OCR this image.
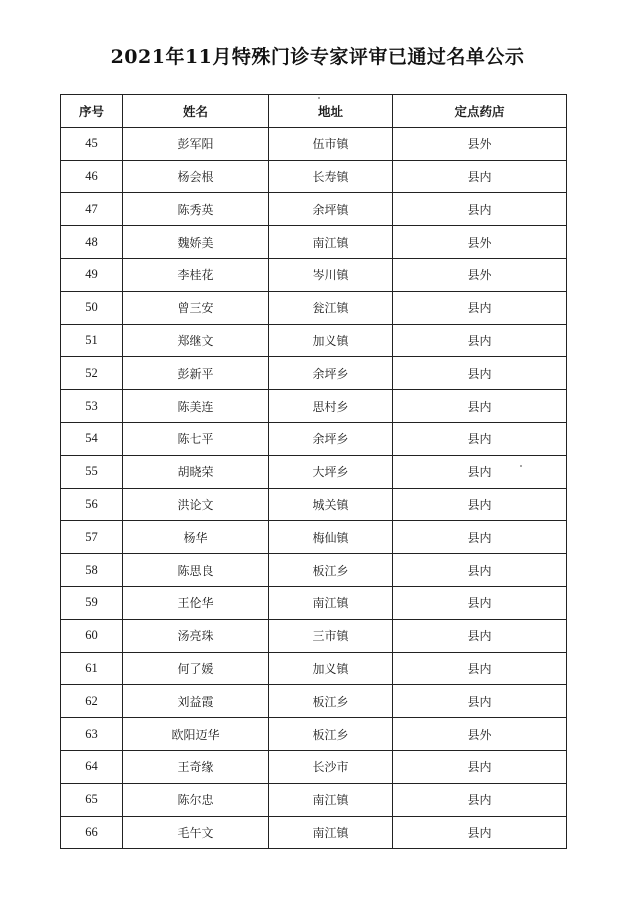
2021年11月特殊门诊专家评审已通过名单公示
序号	姓名	地址	定点药店
45	彭军阳	伍市镇	县外
46	杨会根	长寿镇	县内
47	陈秀英	余坪镇	县内
48	魏娇美	南江镇	县外
49	李桂花	岑川镇	县外
50	曾三安	瓮江镇	县内
51	郑继文	加义镇	县内
52	彭新平	余坪乡	县内
53	陈美连	思村乡	县内
54	陈七平	余坪乡	县内
55	胡晓荣	大坪乡	县内
56	洪论文	城关镇	县内
57	杨华	梅仙镇	县内
58	陈思良	板江乡	县内
59	王伦华	南江镇	县内
60	汤亮珠	三市镇	县内
61	何了媛	加义镇	县内
62	刘益霞	板江乡	县内
63	欧阳迈华	板江乡	县外
64	王奇缘	长沙市	县内
65	陈尔忠	南江镇	县内
66	毛午文	南江镇	县内
